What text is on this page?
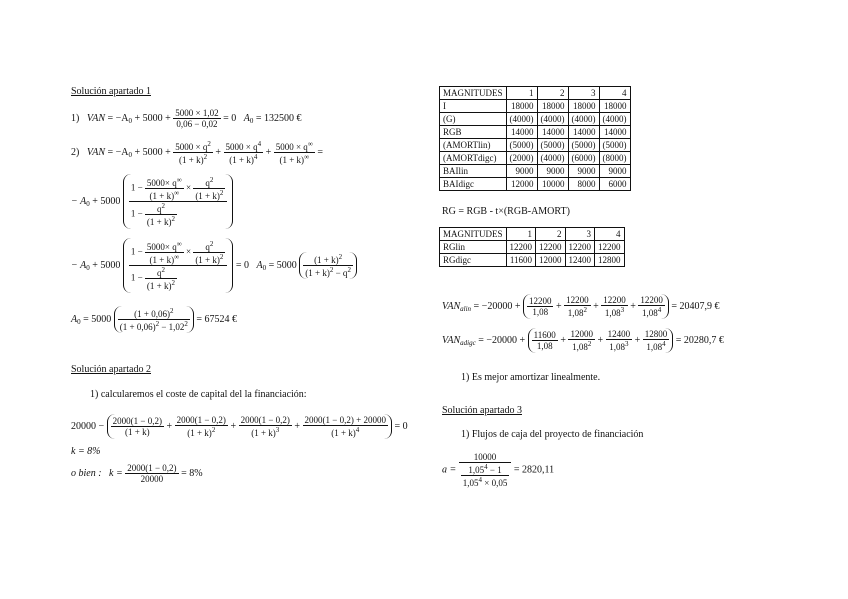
Solución apartado 1
1) VAN = $-A_0 + 5000 + \frac{5000 \times 1,02}{0,06 - 0,02} = 0$ $A_0 = 132500$ €
2) VAN = $-A_0 + 5000 + \frac{5000 \times q^2}{(1 + k)^2} + \frac{5000 \times q^4}{(1 + k)^4} + \frac{5000 \times q^\infty}{(1 + k)^\infty}$ =
− $A_0 + 5000 \frac{1 - \frac{5000\times q^\infty}{(1 + k)^\infty} \times \frac{q^2}{(1 + k)^2}}{1 - \frac{q^2}{(1 + k)^2}}$
− $A_0 + 5000 \frac{1 - \frac{5000\times q^\infty}{(1 + k)^\infty} \times \frac{q^2}{(1 + k)^2}}{1 - \frac{q^2}{(1 + k)^2}} = 0$ $A_0 = 5000 \frac{(1 + k)^2}{(1 + k)^2 - q^2}$
$A_0 = 5000 \frac{(1 + 0,06)^2}{(1 + 0,06)^2 - 1,02^2} = 67524$ €
Solución apartado 2
1) calcularemos el coste de capital del la financiación:
$20000 - \frac{2000(1 - 0,2)}{(1 + k)} + \frac{2000(1 - 0,2)}{(1 + k)^2} + \frac{2000(1 - 0,2)}{(1 + k)^3} + \frac{2000(1 - 0,2) + 20000}{(1 + k)^4} = 0$
k = 8%
o bien : $k = \frac{2000(1 - 0,2)}{20000} = 8\%$
MAGNITUDES	1	2	3	4
I	18000	18000	18000	18000
(G)	(4000)	(4000)	(4000)	(4000)
RGB	14000	14000	14000	14000
(AMORTlin)	(5000)	(5000)	(5000)	(5000)
(AMORTdigc)	(2000)	(4000)	(6000)	(8000)
BAIlin	9000	9000	9000	9000
BAIdigc	12000	10000	8000	6000
RG = RGB - t×(RGB-AMORT)
MAGNITUDES	1	2	3	4
RGlin	12200	12200	12200	12200
RGdigc	11600	12000	12400	12800
$VAN_{alin} = -20000 + \frac{12200}{1,08} + \frac{12200}{1,08^2} + \frac{12200}{1,08^3} + \frac{12200}{1,08^4} = 20407,9$ €
$VAN_{adigc} = -20000 + \frac{11600}{1,08} + \frac{12000}{1,08^2} + \frac{12400}{1,08^3} + \frac{12800}{1,08^4} = 20280,7$ €
1) Es mejor amortizar linealmente.
Solución apartado 3
1) Flujos de caja del proyecto de financiación
$a = \frac{10000}{\frac{1,05^4 - 1}{1,05^4 \times 0,05}} = 2820,11$
